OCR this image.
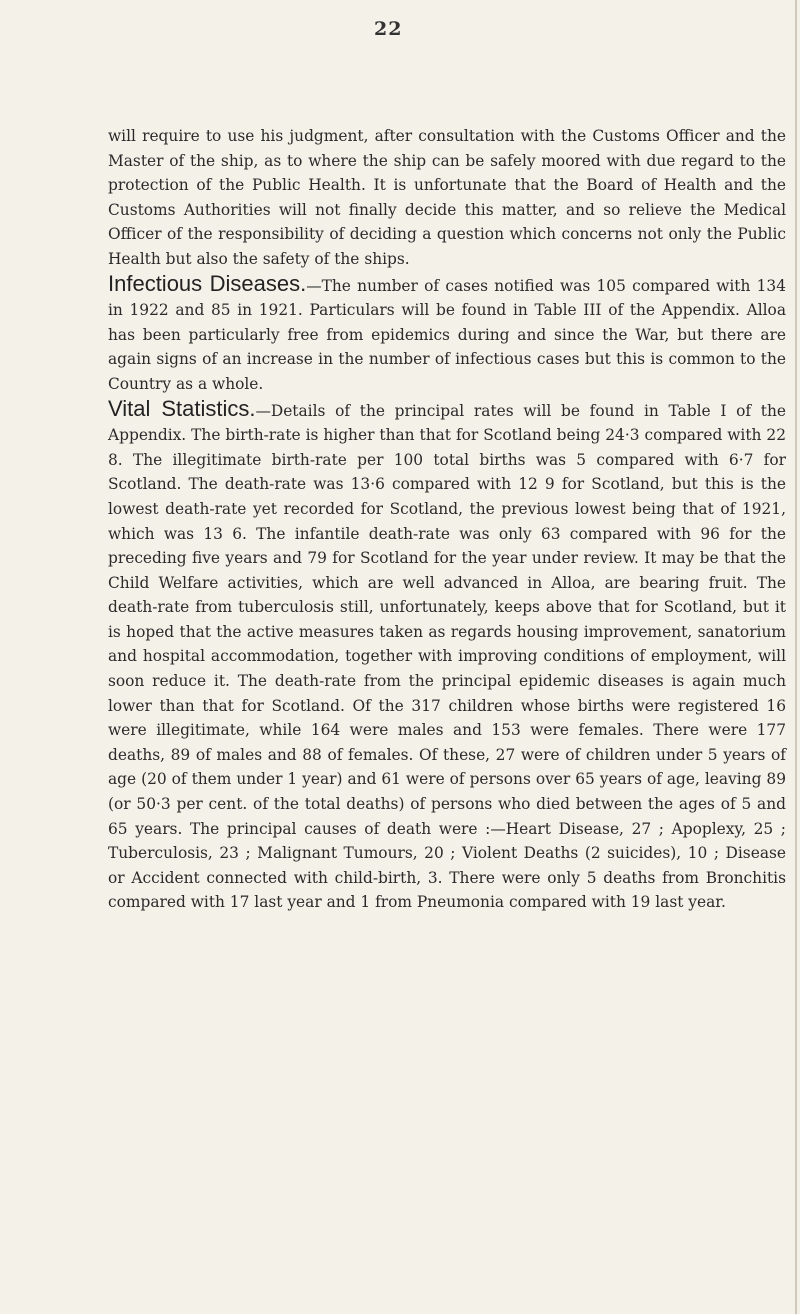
22

will require to use his judgment, after consultation with the Customs Officer and the Master of the ship, as to where the ship can be safely moored with due regard to the protection of the Public Health. It is unfortunate that the Board of Health and the Customs Authorities will not finally decide this matter, and so relieve the Medical Officer of the responsibility of deciding a question which concerns not only the Public Health but also the safety of the ships.

Infectious Diseases.—The number of cases notified was 105 compared with 134 in 1922 and 85 in 1921. Particulars will be found in Table III of the Appendix. Alloa has been particularly free from epidemics during and since the War, but there are again signs of an increase in the number of infectious cases but this is common to the Country as a whole.

Vital Statistics.—Details of the principal rates will be found in Table I of the Appendix. The birth-rate is higher than that for Scotland being 24·3 compared with 22 8. The illegitimate birth-rate per 100 total births was 5 compared with 6·7 for Scotland. The death-rate was 13·6 compared with 12 9 for Scotland, but this is the lowest death-rate yet recorded for Scotland, the previous lowest being that of 1921, which was 13 6. The infantile death-rate was only 63 compared with 96 for the preceding five years and 79 for Scotland for the year under review. It may be that the Child Welfare activities, which are well advanced in Alloa, are bearing fruit. The death-rate from tuberculosis still, unfortunately, keeps above that for Scotland, but it is hoped that the active measures taken as regards housing improvement, sanatorium and hospital accommodation, together with improving conditions of employment, will soon reduce it. The death-rate from the principal epidemic diseases is again much lower than that for Scotland. Of the 317 children whose births were registered 16 were illegitimate, while 164 were males and 153 were females. There were 177 deaths, 89 of males and 88 of females. Of these, 27 were of children under 5 years of age (20 of them under 1 year) and 61 were of persons over 65 years of age, leaving 89 (or 50·3 per cent. of the total deaths) of persons who died between the ages of 5 and 65 years. The principal causes of death were :—Heart Disease, 27 ; Apoplexy, 25 ; Tuberculosis, 23 ; Malignant Tumours, 20 ; Violent Deaths (2 suicides), 10 ; Disease or Accident connected with child-birth, 3. There were only 5 deaths from Bronchitis compared with 17 last year and 1 from Pneumonia compared with 19 last year.
